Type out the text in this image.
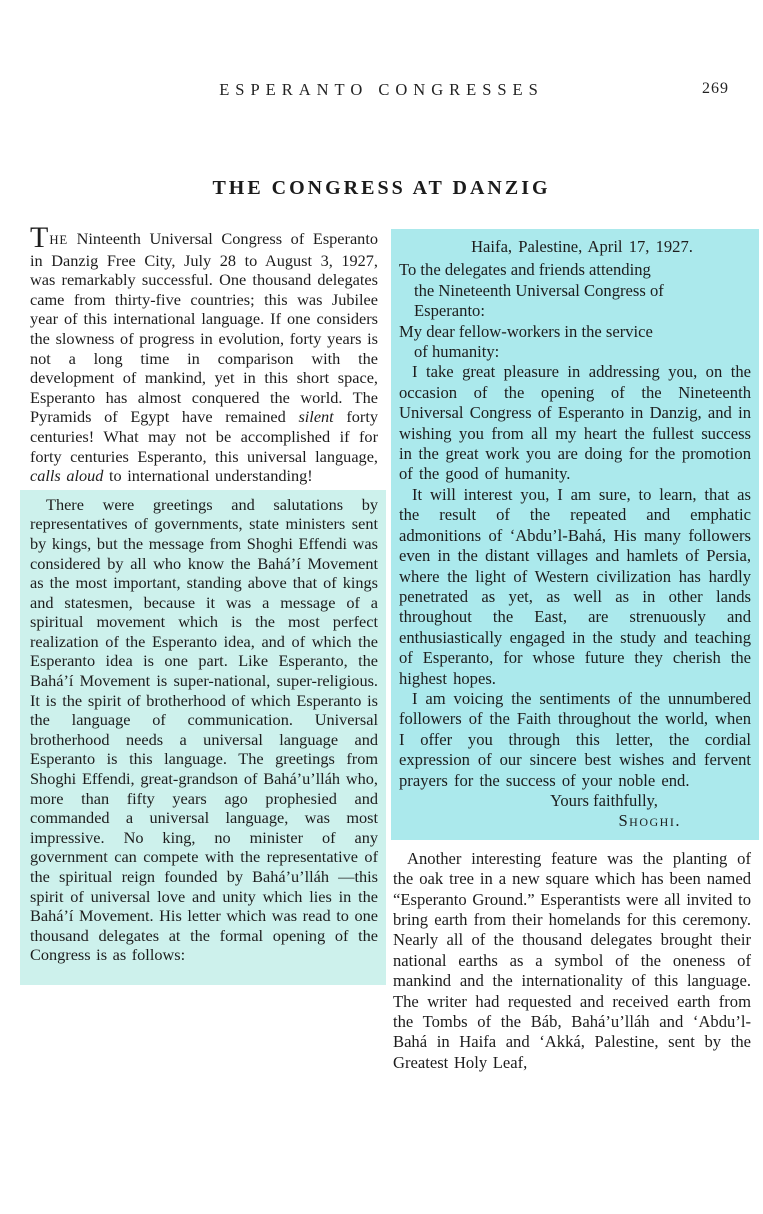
ESPERANTO CONGRESSES	269
THE CONGRESS AT DANZIG

THE Ninteenth Universal Congress of Esperanto in Danzig Free City, July 28 to August 3, 1927, was remarkably successful. One thousand delegates came from thirty-five countries; this was Jubilee year of this international language. If one considers the slowness of progress in evolution, forty years is not a long time in comparison with the development of mankind, yet in this short space, Esperanto has almost conquered the world. The Pyramids of Egypt have remained silent forty centuries! What may not be accomplished if for forty centuries Esperanto, this universal language, calls aloud to international understanding!

There were greetings and salutations by representatives of governments, state ministers sent by kings, but the message from Shoghi Effendi was considered by all who know the Bahá’í Movement as the most important, standing above that of kings and statesmen, because it was a message of a spiritual movement which is the most perfect realization of the Esperanto idea, and of which the Esperanto idea is one part. Like Esperanto, the Bahá’í Movement is super-national, super-religious. It is the spirit of brotherhood of which Esperanto is the language of communication. Universal brotherhood needs a universal language and Esperanto is this language. The greetings from Shoghi Effendi, great-grandson of Bahá’u’lláh who, more than fifty years ago prophesied and commanded a universal language, was most impressive. No king, no minister of any government can compete with the representative of the spiritual reign founded by Bahá’u’lláh —this spirit of universal love and unity which lies in the Bahá’í Movement. His letter which was read to one thousand delegates at the formal opening of the Congress is as follows:

Haifa, Palestine, April 17, 1927.

To the delegates and friends attending

the Nineteenth Universal Congress of

Esperanto:

My dear fellow-workers in the service

of humanity:

I take great pleasure in addressing you, on the occasion of the opening of the Nineteenth Universal Congress of Esperanto in Danzig, and in wishing you from all my heart the fullest success in the great work you are doing for the promotion of the good of humanity.

It will interest you, I am sure, to learn, that as the result of the repeated and emphatic admonitions of ‘Abdu’l-Bahá, His many followers even in the distant villages and hamlets of Persia, where the light of Western civilization has hardly penetrated as yet, as well as in other lands throughout the East, are strenuously and enthusiastically engaged in the study and teaching of Esperanto, for whose future they cherish the highest hopes.

I am voicing the sentiments of the unnumbered followers of the Faith throughout the world, when I offer you through this letter, the cordial expression of our sincere best wishes and fervent prayers for the success of your noble end.

Yours faithfully,

Shoghi.

Another interesting feature was the planting of the oak tree in a new square which has been named “Esperanto Ground.” Esperantists were all invited to bring earth from their homelands for this ceremony. Nearly all of the thousand delegates brought their national earths as a symbol of the oneness of mankind and the internationality of this language. The writer had requested and received earth from the Tombs of the Báb, Bahá’u’lláh and ‘Abdu’l-Bahá in Haifa and ‘Akká, Palestine, sent by the Greatest Holy Leaf,
